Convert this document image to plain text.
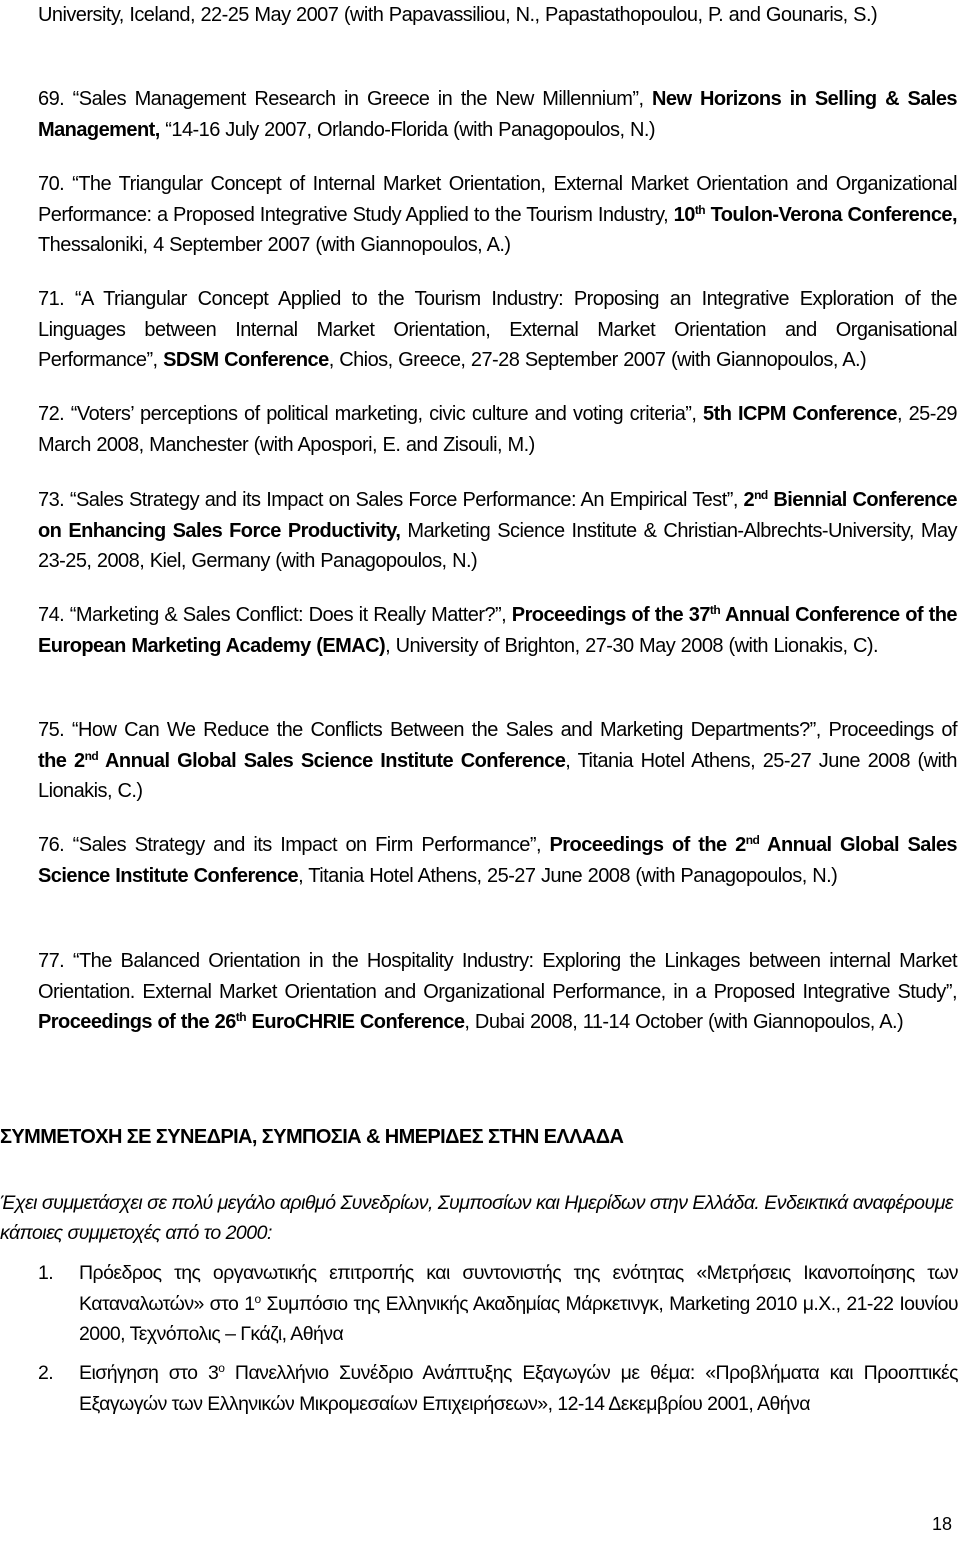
University, Iceland, 22-25 May 2007 (with Papavassiliou, N., Papastathopoulou, P. and Gounaris, S.)
69. “Sales Management Research in Greece in the New Millennium”, New Horizons in Selling & Sales Management, “14-16 July 2007, Orlando-Florida (with Panagopoulos, N.)
70. “The Triangular Concept of Internal Market Orientation, External Market Orientation and Organizational Performance: a Proposed Integrative Study Applied to the Tourism Industry, 10th Toulon-Verona Conference, Thessaloniki, 4 September 2007 (with Giannopoulos, A.)
71. “A Triangular Concept Applied to the Tourism Industry: Proposing an Integrative Exploration of the Linguages between Internal Market Orientation, External Market Orientation and Organisational Performance”, SDSM Conference, Chios, Greece, 27-28 September 2007 (with Giannopoulos, A.)
72. “Voters’ perceptions of political marketing, civic culture and voting criteria”, 5th ICPM Conference, 25-29 March 2008, Manchester (with Apospori, E. and Zisouli, M.)
73. “Sales Strategy and its Impact on Sales Force Performance: An Empirical Test”, 2nd Biennial Conference on Enhancing Sales Force Productivity, Marketing Science Institute & Christian-Albrechts-University, May 23-25, 2008, Kiel, Germany (with Panagopoulos, N.)
74. “Marketing & Sales Conflict: Does it Really Matter?”, Proceedings of the 37th Annual Conference of the European Marketing Academy (EMAC), University of Brighton, 27-30 May 2008 (with Lionakis, C).
75. “How Can We Reduce the Conflicts Between the Sales and Marketing Departments?”, Proceedings of the 2nd Annual Global Sales Science Institute Conference, Titania Hotel Athens, 25-27 June 2008 (with Lionakis, C.)
76. “Sales Strategy and its Impact on Firm Performance”, Proceedings of the 2nd Annual Global Sales Science Institute Conference, Titania Hotel Athens, 25-27 June 2008 (with Panagopoulos, N.)
77. “The Balanced Orientation in the Hospitality Industry: Exploring the Linkages between internal Market Orientation. External Market Orientation and Organizational Performance, in a Proposed Integrative Study”, Proceedings of the 26th EuroCHRIE Conference, Dubai 2008, 11-14 October (with Giannopoulos, A.)
ΣΥΜΜΕΤΟΧΗ ΣΕ ΣΥΝΕΔΡΙΑ, ΣΥΜΠΟΣΙΑ & ΗΜΕΡΙΔΕΣ ΣΤΗΝ ΕΛΛΑΔΑ
Έχει συμμετάσχει σε πολύ μεγάλο αριθμό Συνεδρίων, Συμποσίων και Ημερίδων στην Ελλάδα. Ενδεικτικά αναφέρουμε κάποιες συμμετοχές από το 2000:
1. Πρόεδρος της οργανωτικής επιτροπής και συντονιστής της ενότητας «Μετρήσεις Ικανοποίησης των Καταναλωτών» στο $1^o$ Συμπόσιο της Ελληνικής Ακαδημίας Μάρκετινγκ, Marketing 2010 μ.Χ., 21-22 Ιουνίου 2000, Τεχνόπολις – Γκάζι, Αθήνα
2. Εισήγηση στο $3^o$ Πανελλήνιο Συνέδριο Ανάπτυξης Εξαγωγών με θέμα: «Προβλήματα και Προοπτικές Εξαγωγών των Ελληνικών Μικρομεσαίων Επιχειρήσεων», 12-14 Δεκεμβρίου 2001, Αθήνα
18
